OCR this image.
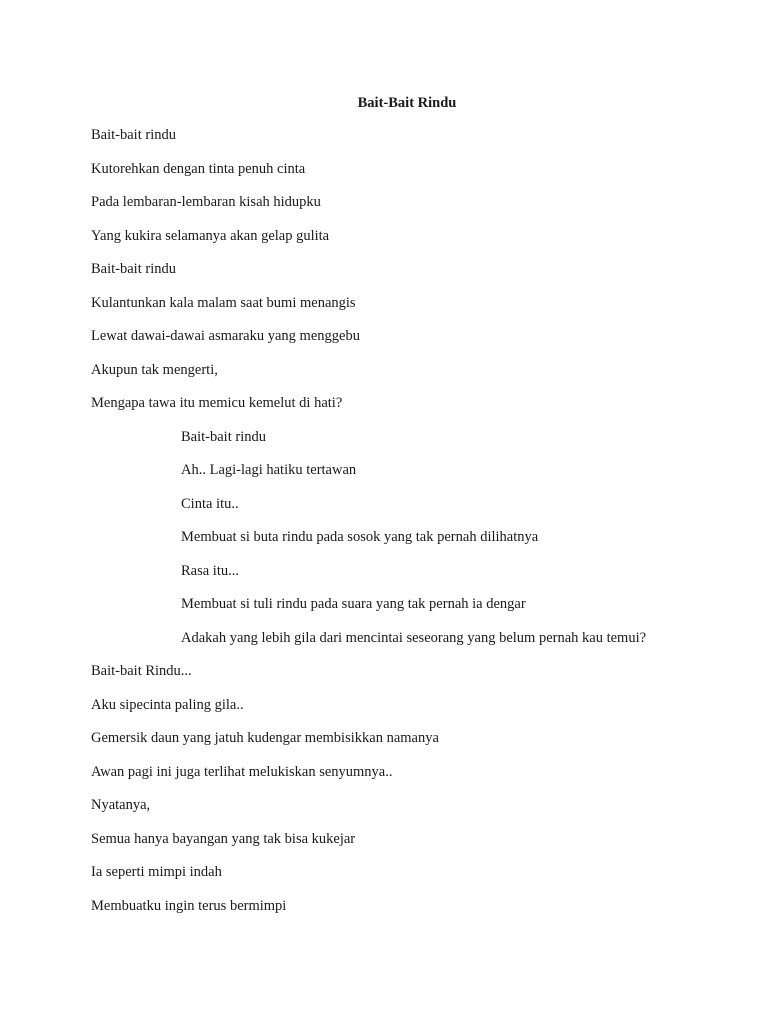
Bait-Bait Rindu
Bait-bait rindu
Kutorehkan dengan tinta penuh cinta
Pada lembaran-lembaran kisah hidupku
Yang kukira selamanya akan gelap gulita
Bait-bait rindu
Kulantunkan kala malam saat bumi menangis
Lewat dawai-dawai asmaraku yang menggebu
Akupun tak mengerti,
Mengapa tawa itu memicu kemelut di hati?
Bait-bait rindu
Ah.. Lagi-lagi hatiku tertawan
Cinta itu..
Membuat si buta rindu pada sosok yang tak pernah dilihatnya
Rasa itu...
Membuat si tuli rindu pada suara yang tak pernah ia dengar
Adakah yang lebih gila dari mencintai seseorang yang belum pernah kau temui?
Bait-bait Rindu...
Aku sipecinta paling gila..
Gemersik daun yang jatuh kudengar membisikkan namanya
Awan pagi ini juga terlihat melukiskan senyumnya..
Nyatanya,
Semua hanya bayangan yang tak bisa kukejar
Ia seperti mimpi indah
Membuatku ingin terus bermimpi
